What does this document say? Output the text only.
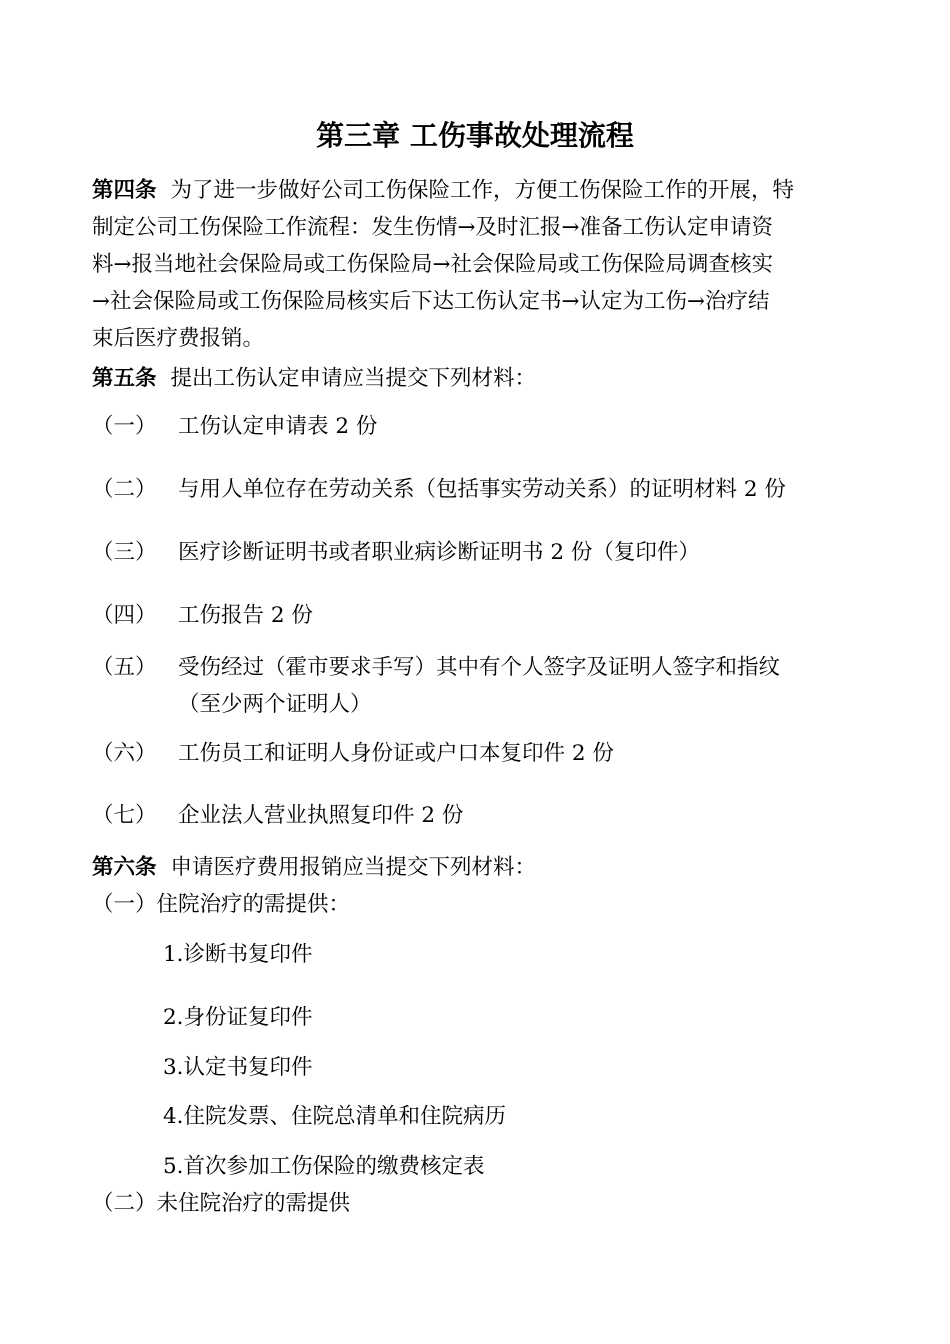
第三章 工伤事故处理流程
第四条 为了进一步做好公司工伤保险工作，方便工伤保险工作的开展，特
制定公司工伤保险工作流程：发生伤情→及时汇报→准备工伤认定申请资
料→报当地社会保险局或工伤保险局→社会保险局或工伤保险局调查核实
→社会保险局或工伤保险局核实后下达工伤认定书→认定为工伤→治疗结
束后医疗费报销。
第五条 提出工伤认定申请应当提交下列材料：
（一） 工伤认定申请表 2 份
（二） 与用人单位存在劳动关系（包括事实劳动关系）的证明材料 2 份
（三） 医疗诊断证明书或者职业病诊断证明书 2 份（复印件）
（四） 工伤报告 2 份
（五） 受伤经过（霍市要求手写）其中有个人签字及证明人签字和指纹
（至少两个证明人）
（六） 工伤员工和证明人身份证或户口本复印件 2 份
（七） 企业法人营业执照复印件 2 份
第六条 申请医疗费用报销应当提交下列材料：
（一）住院治疗的需提供：
1.诊断书复印件
2.身份证复印件
3.认定书复印件
4.住院发票、住院总清单和住院病历
5.首次参加工伤保险的缴费核定表
（二）未住院治疗的需提供
